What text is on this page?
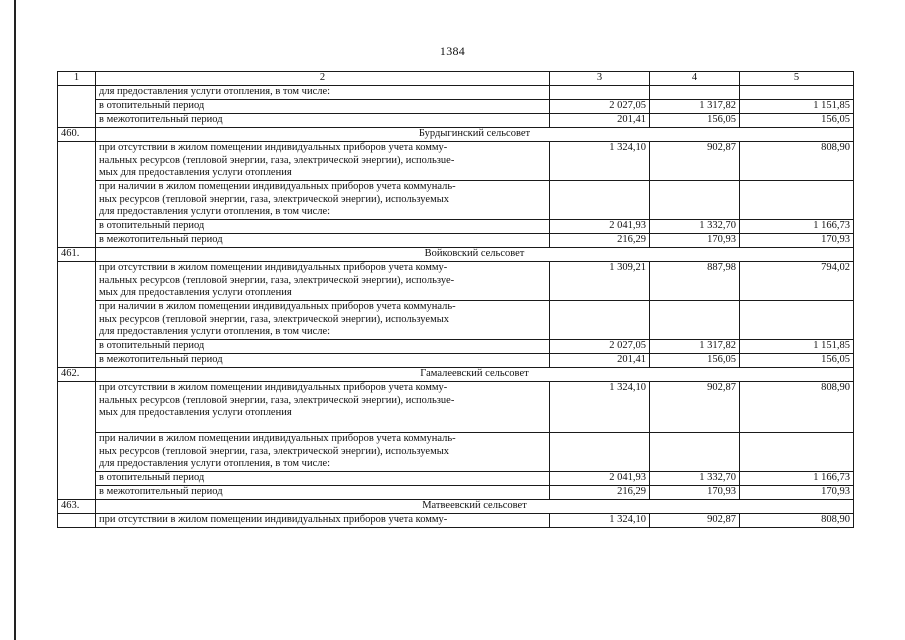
1384
1	2	3	4	5
	для предоставления услуги отопления, в том числе:			
	в отопительный период	2 027,05	1 317,82	1 151,85
	в межотопительный период	201,41	156,05	156,05
460.	Бурдыгинский сельсовет			

	при отсутствии в жилом помещении индивидуальных приборов учета комму-
нальных ресурсов (тепловой энергии, газа, электрической энергии), использue-
мых для предоставления услуги отопления	1 324,10	902,87	808,90

	при наличии в жилом помещении индивидуальных приборов учета коммуналь-
ных ресурсов (тепловой энергии, газа, электрической энергии), используемых
для предоставления услуги отопления, в том числе:			

	в отопительный период	2 041,93	1 332,70	1 166,73
	в межотопительный период	216,29	170,93	170,93
461.	Войковский сельсовет			

	при отсутствии в жилом помещении индивидуальных приборов учета комму-
нальных ресурсов (тепловой энергии, газа, электрической энергии), испoльзуе-
мых для предоставления услуги отопления	1 309,21	887,98	794,02

	при наличии в жилом помещении индивидуальных приборов учета коммуналь-
ных ресурсов (тепловой энергии, газа, электрической энергии), используемых
для предоставления услуги отопления, в том числе:			

	в отопительный период	2 027,05	1 317,82	1 151,85
	в межотопительный период	201,41	156,05	156,05
462.	Гамалеевский сельсовет			

	при отсутствии в жилом помещении индивидуальных приборов учета комму-
нальных ресурсов (тепловой энергии, газа, электрической энергии), использue-
мых для предоставления услуги отопления	1 324,10	902,87	808,90

	при наличии в жилом помещении индивидуальных приборов учета коммуналь-
ных ресурсов (тепловой энергии, газа, электрической энергии), используемых
для предоставления услуги отопления, в том числе:			

	в отопительный период	2 041,93	1 332,70	1 166,73
	в межотопительный период	216,29	170,93	170,93
463.	Матвеевский сельсовет			

	при отсутствии в жилом помещении индивидуальных приборов учета комму-	1 324,10	902,87	808,90
